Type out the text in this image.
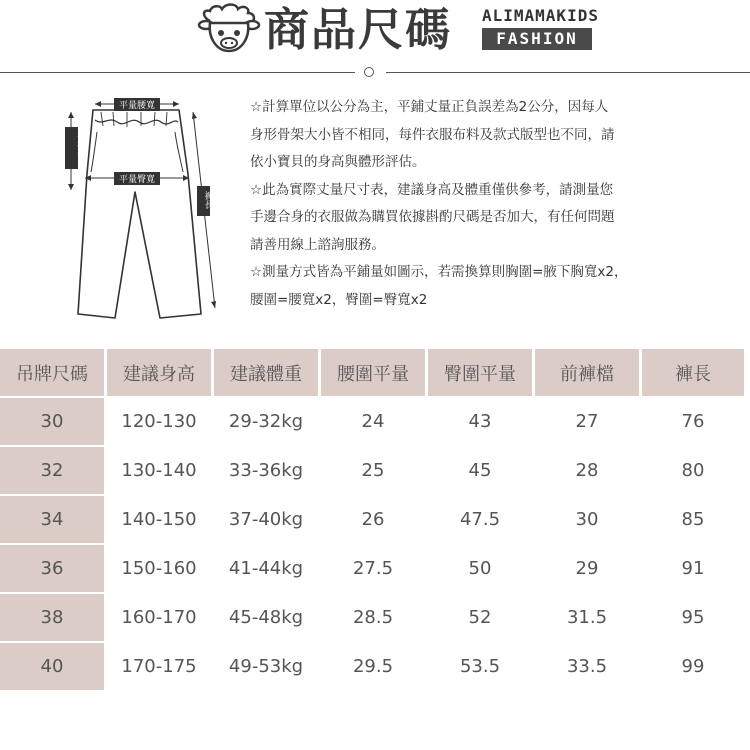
商品尺碼 ALIMAMAKIDS
FASHION
平量腰寬
平量臀寬
褲檔長
褲長
☆計算單位以公分為主，平鋪丈量正負誤差為2公分，因每人
身形骨架大小皆不相同，每件衣服布料及款式版型也不同，請
依小寶貝的身高與體形評估。
☆此為實際丈量尺寸表，建議身高及體重僅供參考，請測量您
手邊合身的衣服做為購買依據斟酌尺碼是否加大，有任何問題
請善用線上諮詢服務。
☆測量方式皆為平鋪量如圖示，若需換算則胸圍=腋下胸寬x2，
腰圍=腰寬x2，臀圍=臀寬x2
吊牌尺碼	建議身高	建議體重	腰圍平量	臀圍平量	前褲檔	褲長
30	120-130	29-32kg	24	43	27	76
32	130-140	33-36kg	25	45	28	80
34	140-150	37-40kg	26	47.5	30	85
36	150-160	41-44kg	27.5	50	29	91
38	160-170	45-48kg	28.5	52	31.5	95
40	170-175	49-53kg	29.5	53.5	33.5	99
